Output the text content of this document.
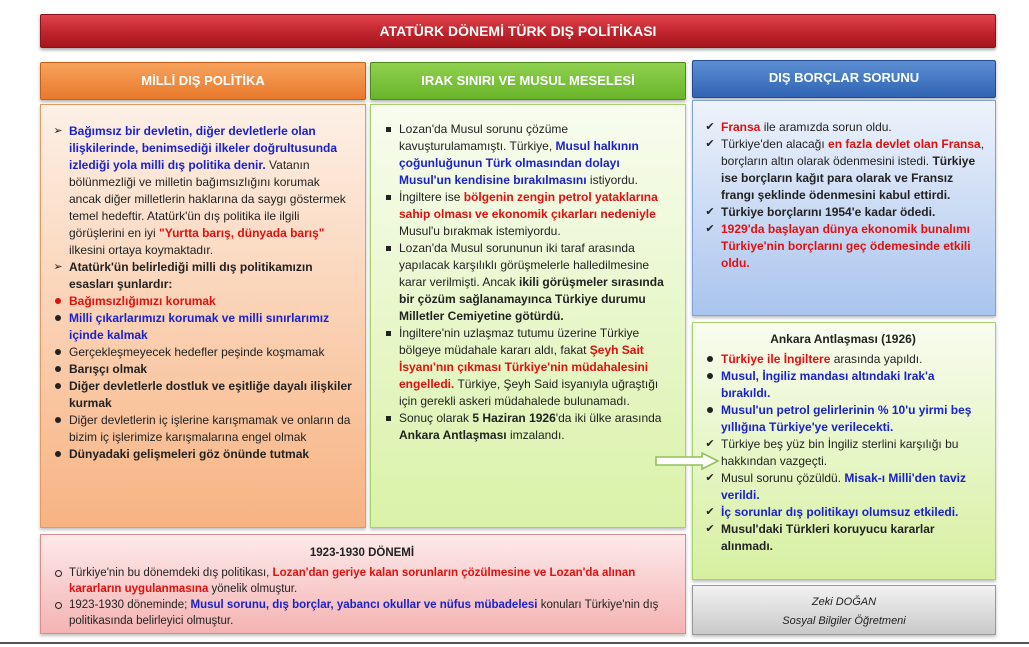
ATATÜRK DÖNEMİ TÜRK DIŞ POLİTİKASI
MİLLİ DIŞ POLİTİKA	IRAK SINIRI VE MUSUL MESELESİ	DIŞ BORÇLAR SORUNU
➢ Bağımsız bir devletin, diğer devletlerle olan ilişkilerinde, benimsediği ilkeler doğrultusunda izlediği yola milli dış politika denir. Vatanın bölünmezliği ve milletin bağımsızlığını korumak ancak diğer milletlerin haklarına da saygı göstermek temel hedeftir. Atatürk'ün dış politika ile ilgili görüşlerini en iyi "Yurtta barış, dünyada barış" ilkesini ortaya koymaktadır.
➢ Atatürk'ün belirlediği milli dış politikamızın esasları şunlardır:
Bağımsızlığımızı korumak
Milli çıkarlarımızı korumak ve milli sınırlarımız içinde kalmak
Gerçekleşmeyecek hedefler peşinde koşmamak
Barışçı olmak
Diğer devletlerle dostluk ve eşitliğe dayalı ilişkiler kurmak
Diğer devletlerin iç işlerine karışmamak ve onların da bizim iç işlerimize karışmalarına engel olmak
Dünyadaki gelişmeleri göz önünde tutmak
Lozan'da Musul sorunu çözüme kavuşturulamamıştı. Türkiye, Musul halkının çoğunluğunun Türk olmasından dolayı Musul'un kendisine bırakılmasını istiyordu.
İngiltere ise bölgenin zengin petrol yataklarına sahip olması ve ekonomik çıkarları nedeniyle Musul'u bırakmak istemiyordu.
Lozan'da Musul sorununun iki taraf arasında yapılacak karşılıklı görüşmelerle halledilmesine karar verilmişti. Ancak ikili görüşmeler sırasında bir çözüm sağlanamayınca Türkiye durumu Milletler Cemiyetine götürdü.
İngiltere'nin uzlaşmaz tutumu üzerine Türkiye bölgeye müdahale kararı aldı, fakat Şeyh Sait İsyanı'nın çıkması Türkiye'nin müdahalesini engelledi. Türkiye, Şeyh Said isyanıyla uğraştığı için gerekli askeri müdahalede bulunamadı.
Sonuç olarak 5 Haziran 1926'da iki ülke arasında Ankara Antlaşması imzalandı.
✔ Fransa ile aramızda sorun oldu.
✔ Türkiye'den alacağı en fazla devlet olan Fransa, borçların altın olarak ödenmesini istedi. Türkiye ise borçların kağıt para olarak ve Fransız frangı şeklinde ödenmesini kabul ettirdi.
✔ Türkiye borçlarını 1954'e kadar ödedi.
✔ 1929'da başlayan dünya ekonomik bunalımı Türkiye'nin borçlarını geç ödemesinde etkili oldu.
Ankara Antlaşması (1926)
Türkiye ile İngiltere arasında yapıldı.
Musul, İngiliz mandası altındaki Irak'a bırakıldı.
Musul'un petrol gelirlerinin % 10'u yirmi beş yıllığına Türkiye'ye verilecekti.
✔ Türkiye beş yüz bin İngiliz sterlini karşılığı bu hakkından vazgeçti.
✔ Musul sorunu çözüldü. Misak-ı Milli'den taviz verildi.
✔ İç sorunlar dış politikayı olumsuz etkiledi.
✔ Musul'daki Türkleri koruyucu kararlar alınmadı.
1923-1930 DÖNEMİ
Türkiye'nin bu dönemdeki dış politikası, Lozan'dan geriye kalan sorunların çözülmesine ve Lozan'da alınan kararların uygulanmasına yönelik olmuştur.
1923-1930 döneminde; Musul sorunu, dış borçlar, yabancı okullar ve nüfus mübadelesi konuları Türkiye'nin dış politikasında belirleyici olmuştur.
Zeki DOĞAN
Sosyal Bilgiler Öğretmeni
